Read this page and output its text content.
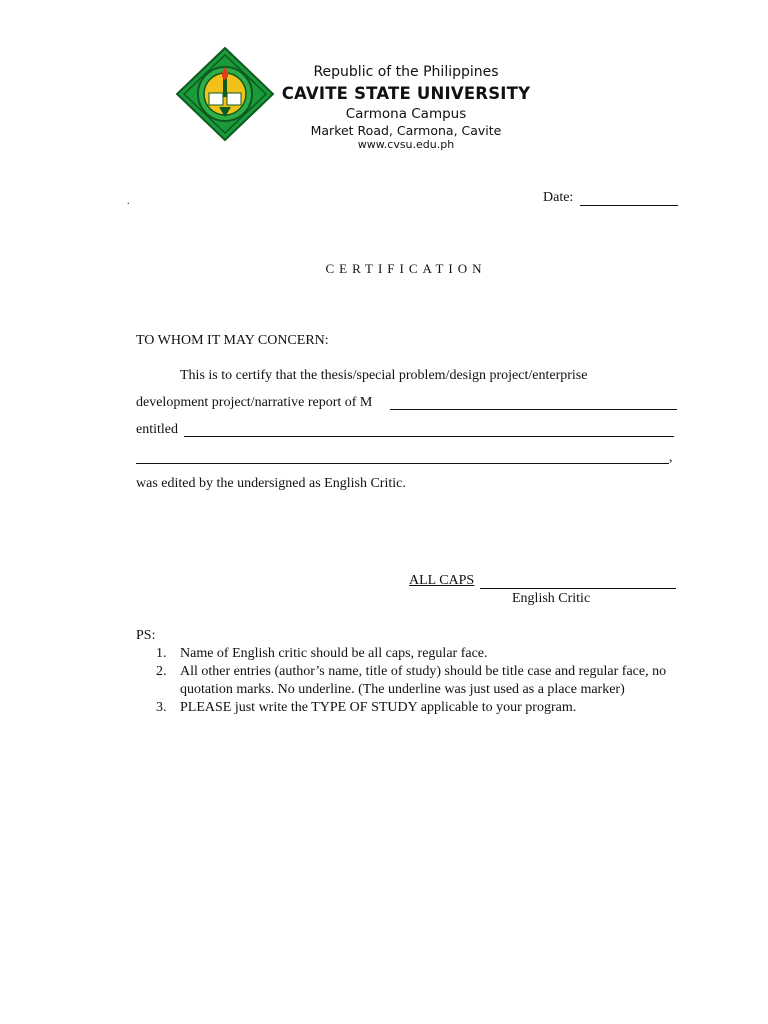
Republic of the Philippines
CAVITE STATE UNIVERSITY
Carmona Campus
Market Road, Carmona, Cavite
www.cvsu.edu.ph
.	Date:
CERTIFICATION
TO WHOM IT MAY CONCERN:
This is to certify that the thesis/special problem/design project/enterprise
development project/narrative report of M
entitled
,
was edited by the undersigned as English Critic.
ALL CAPS
English Critic
PS:
1. Name of English critic should be all caps, regular face.
2. All other entries (author’s name, title of study) should be title case and regular face, no quotation marks. No underline. (The underline was just used as a place marker)
3. PLEASE just write the TYPE OF STUDY applicable to your program.
